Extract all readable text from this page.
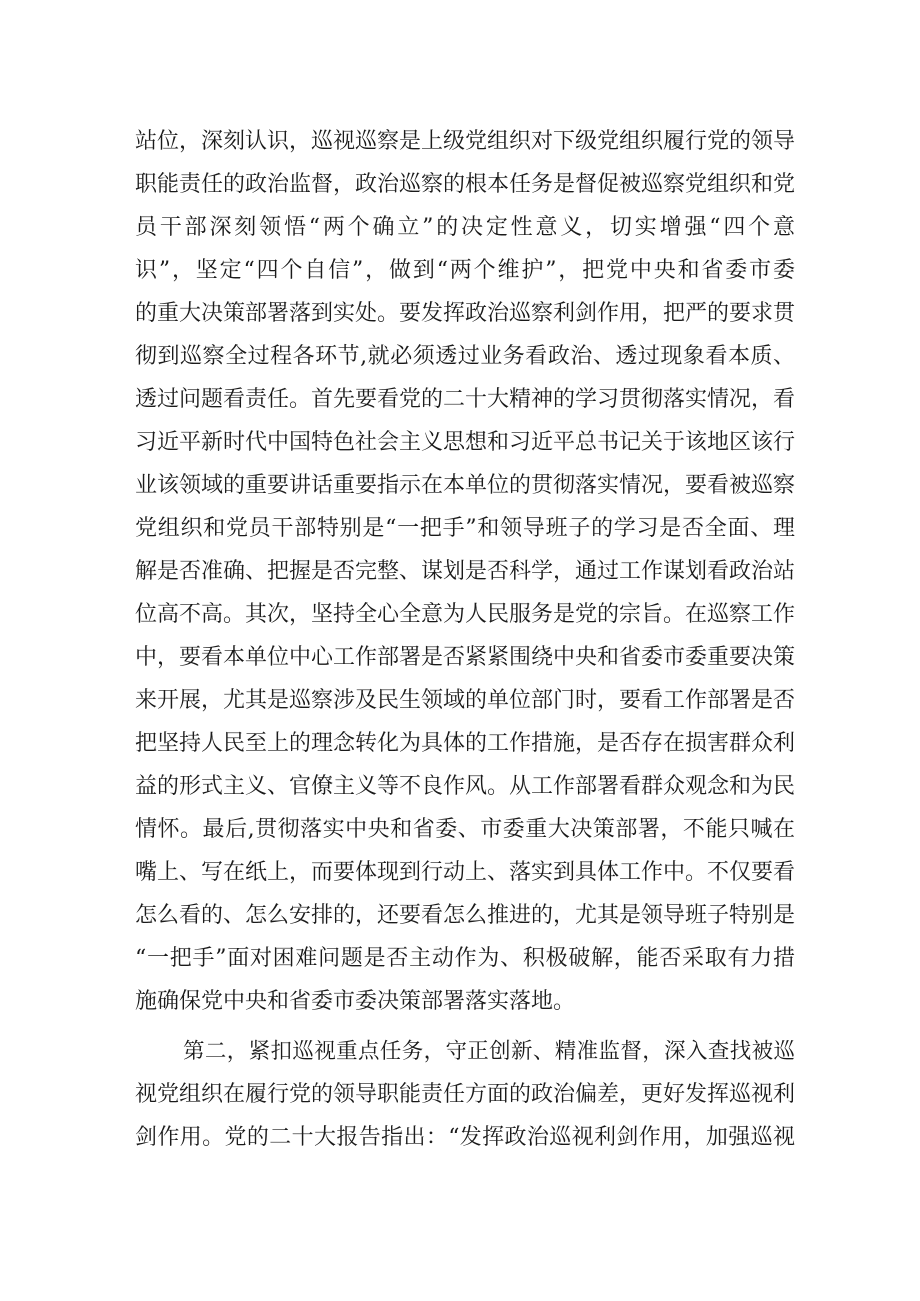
站位，深刻认识，巡视巡察是上级党组织对下级党组织履行党的领导
职能责任的政治监督，政治巡察的根本任务是督促被巡察党组织和党
员干部深刻领悟“两个确立”的决定性意义，切实增强“四个意
识”，坚定“四个自信”，做到“两个维护”，把党中央和省委市委
的重大决策部署落到实处。要发挥政治巡察利剑作用，把严的要求贯
彻到巡察全过程各环节,就必须透过业务看政治、透过现象看本质、
透过问题看责任。首先要看党的二十大精神的学习贯彻落实情况，看
习近平新时代中国特色社会主义思想和习近平总书记关于该地区该行
业该领域的重要讲话重要指示在本单位的贯彻落实情况，要看被巡察
党组织和党员干部特别是“一把手”和领导班子的学习是否全面、理
解是否准确、把握是否完整、谋划是否科学，通过工作谋划看政治站
位高不高。其次，坚持全心全意为人民服务是党的宗旨。在巡察工作
中，要看本单位中心工作部署是否紧紧围绕中央和省委市委重要决策
来开展，尤其是巡察涉及民生领域的单位部门时，要看工作部署是否
把坚持人民至上的理念转化为具体的工作措施，是否存在损害群众利
益的形式主义、官僚主义等不良作风。从工作部署看群众观念和为民
情怀。最后,贯彻落实中央和省委、市委重大决策部署，不能只喊在
嘴上、写在纸上，而要体现到行动上、落实到具体工作中。不仅要看
怎么看的、怎么安排的，还要看怎么推进的，尤其是领导班子特别是
“一把手”面对困难问题是否主动作为、积极破解，能否采取有力措
施确保党中央和省委市委决策部署落实落地。
第二，紧扣巡视重点任务，守正创新、精准监督，深入查找被巡
视党组织在履行党的领导职能责任方面的政治偏差，更好发挥巡视利
剑作用。党的二十大报告指出：“发挥政治巡视利剑作用，加强巡视
